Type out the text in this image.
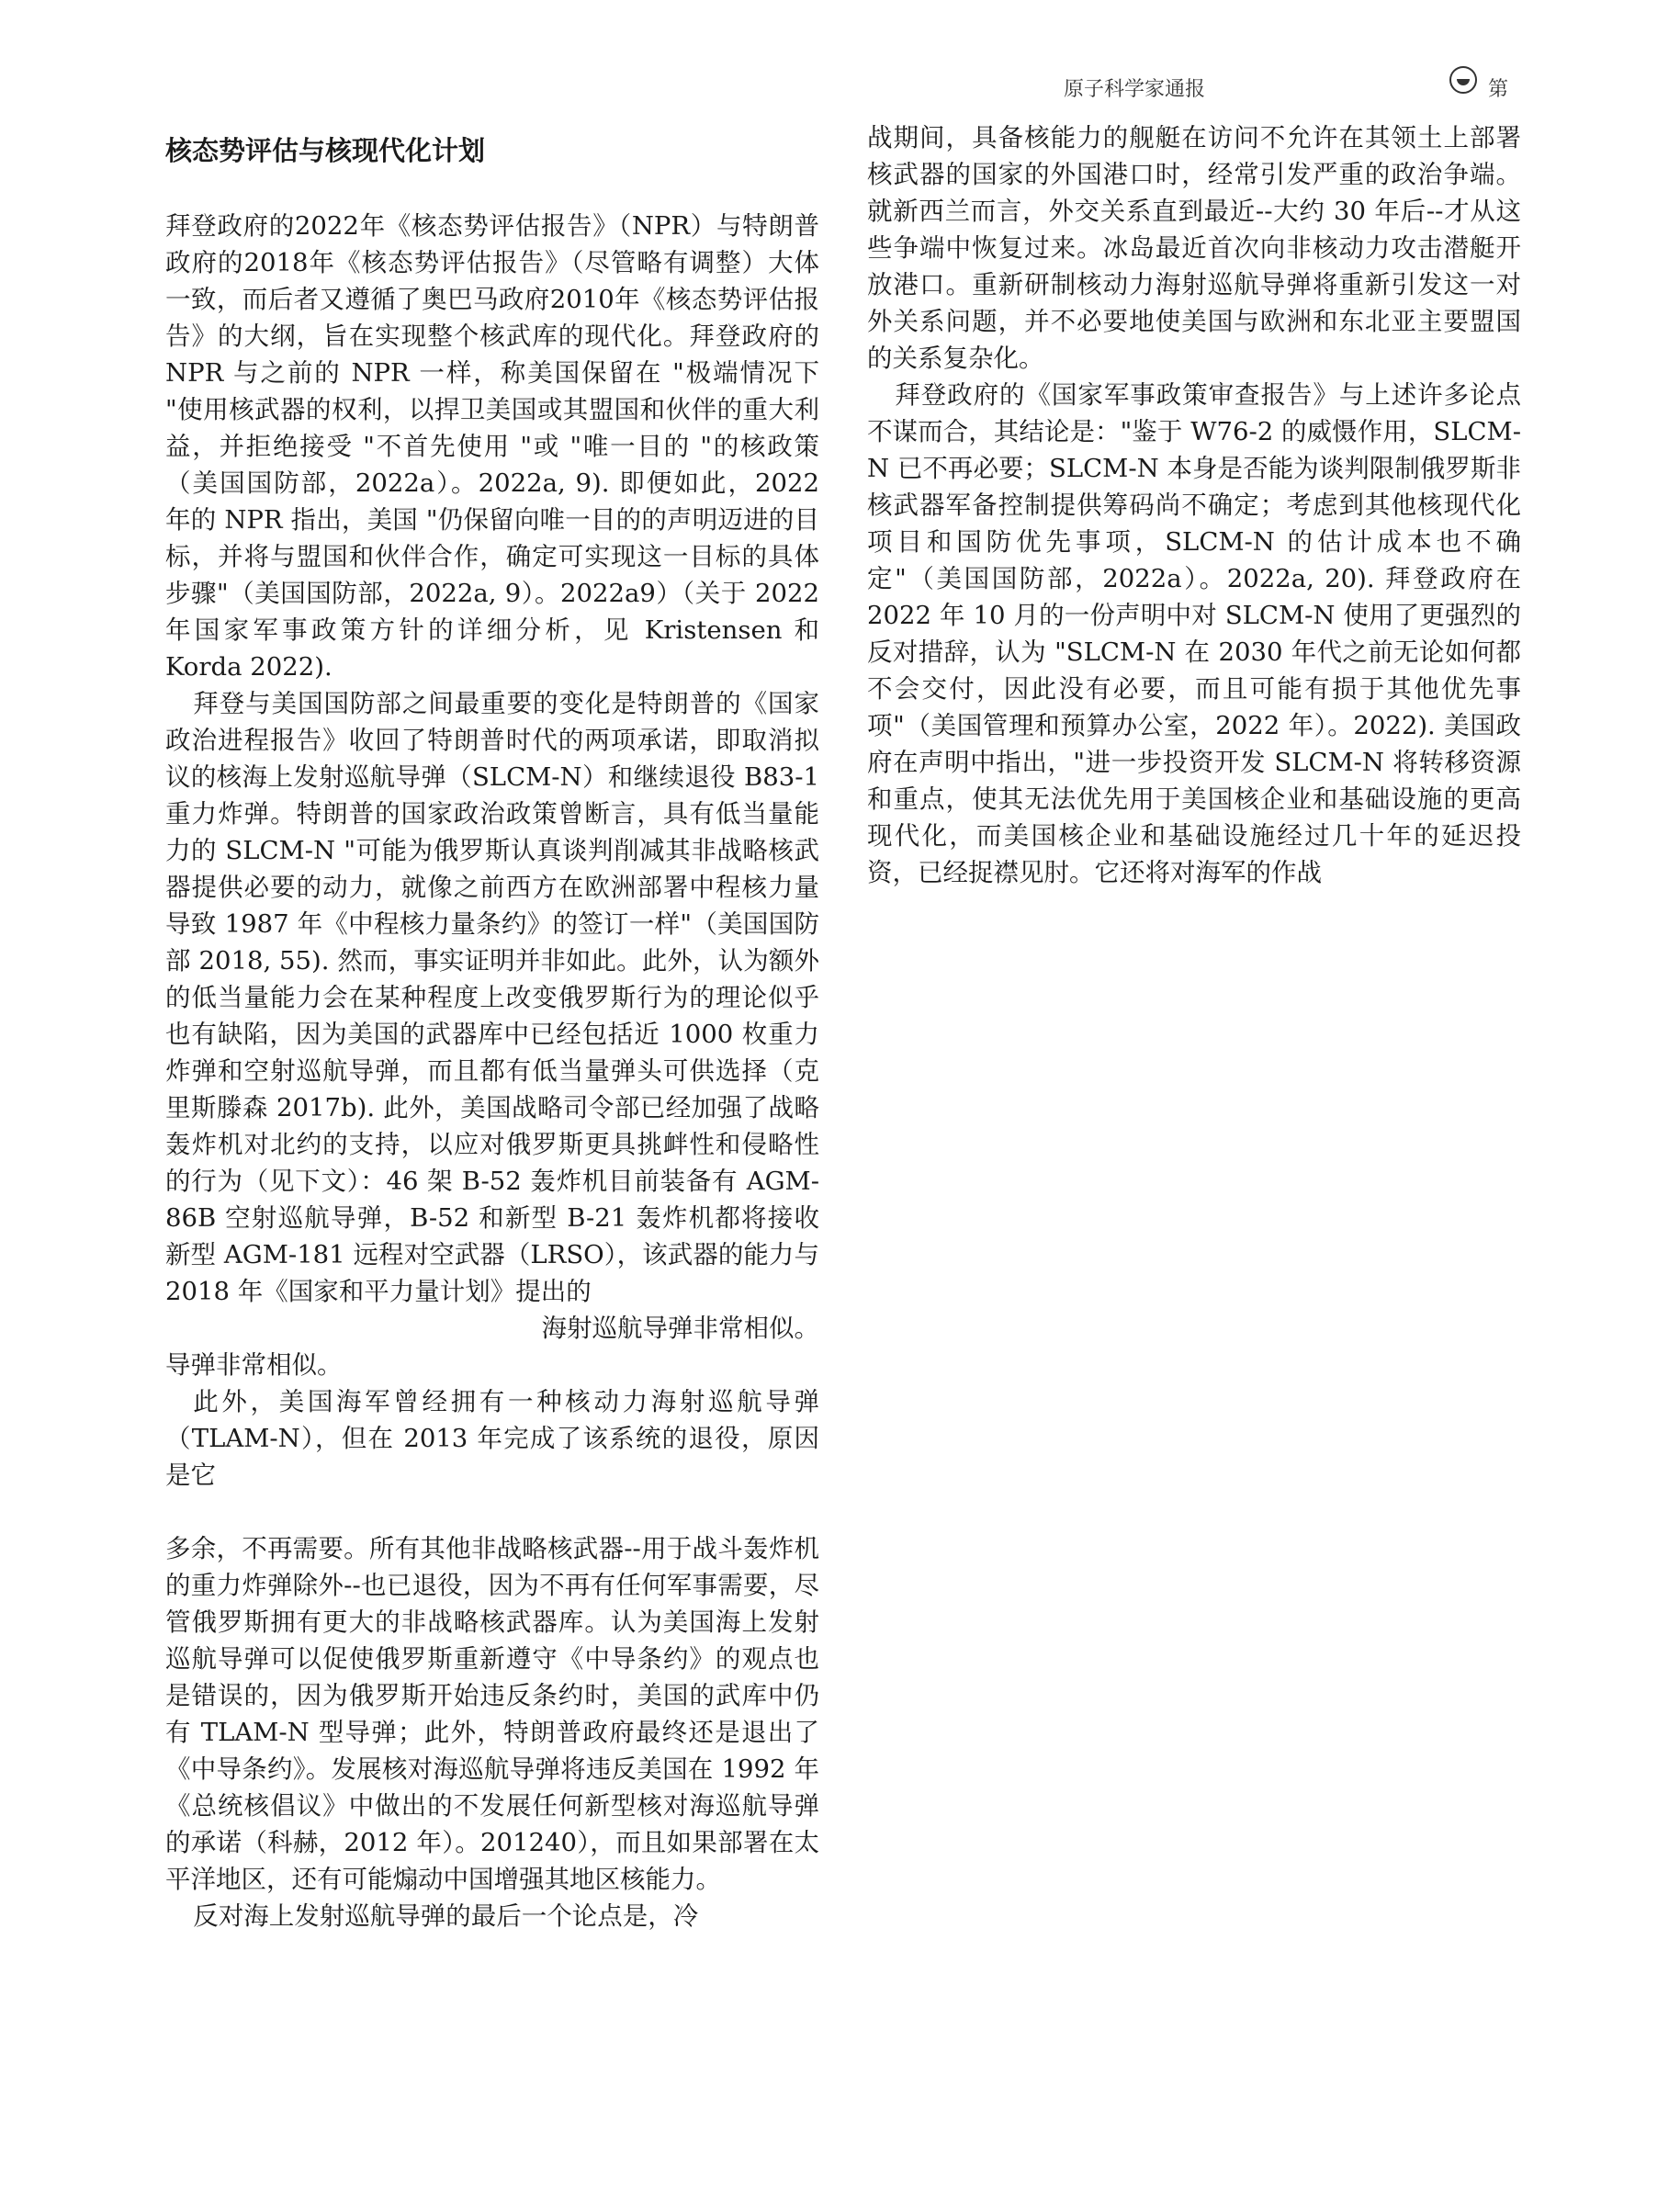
原子科学家通报	第
核态势评估与核现代化计划

拜登政府的2022年《核态势评估报告》（NPR）与特朗普政府的2018年《核态势评估报告》（尽管略有调整）大体一致，而后者又遵循了奥巴马政府2010年《核态势评估报告》的大纲，旨在实现整个核武库的现代化。拜登政府的 NPR 与之前的 NPR 一样，称美国保留在 "极端情况下 "使用核武器的权利，以捍卫美国或其盟国和伙伴的重大利益，并拒绝接受 "不首先使用 "或 "唯一目的 "的核政策（美国国防部，2022a）。2022a, 9). 即便如此，2022 年的 NPR 指出，美国 "仍保留向唯一目的的声明迈进的目标，并将与盟国和伙伴合作，确定可实现这一目标的具体步骤"（美国国防部，2022a, 9）。2022a9）（关于 2022 年国家军事政策方针的详细分析，见 Kristensen 和 Korda 2022).

拜登与美国国防部之间最重要的变化是特朗普的《国家政治进程报告》收回了特朗普时代的两项承诺，即取消拟议的核海上发射巡航导弹（SLCM-N）和继续退役 B83-1 重力炸弹。特朗普的国家政治政策曾断言，具有低当量能力的 SLCM-N "可能为俄罗斯认真谈判削减其非战略核武器提供必要的动力，就像之前西方在欧洲部署中程核力量导致 1987 年《中程核力量条约》的签订一样"（美国国防部 2018, 55). 然而，事实证明并非如此。此外，认为额外的低当量能力会在某种程度上改变俄罗斯行为的理论似乎也有缺陷，因为美国的武器库中已经包括近 1000 枚重力炸弹和空射巡航导弹，而且都有低当量弹头可供选择（克里斯滕森 2017b). 此外，美国战略司令部已经加强了战略轰炸机对北约的支持，以应对俄罗斯更具挑衅性和侵略性的行为（见下文）：46 架 B-52 轰炸机目前装备有 AGM-86B 空射巡航导弹，B-52 和新型 B-21 轰炸机都将接收新型 AGM-181 远程对空武器（LRSO），该武器的能力与 2018 年《国家和平力量计划》提出的

海射巡航导弹非常相似。

导弹非常相似。

此外，美国海军曾经拥有一种核动力海射巡航导弹（TLAM-N），但在 2013 年完成了该系统的退役，原因是它

多余，不再需要。所有其他非战略核武器--用于战斗轰炸机的重力炸弹除外--也已退役，因为不再有任何军事需要，尽管俄罗斯拥有更大的非战略核武器库。认为美国海上发射巡航导弹可以促使俄罗斯重新遵守《中导条约》的观点也是错误的，因为俄罗斯开始违反条约时，美国的武库中仍有 TLAM-N 型导弹；此外，特朗普政府最终还是退出了《中导条约》。发展核对海巡航导弹将违反美国在 1992 年《总统核倡议》中做出的不发展任何新型核对海巡航导弹的承诺（科赫，2012 年）。201240），而且如果部署在太平洋地区，还有可能煽动中国增强其地区核能力。

反对海上发射巡航导弹的最后一个论点是，冷

战期间，具备核能力的舰艇在访问不允许在其领土上部署核武器的国家的外国港口时，经常引发严重的政治争端。就新西兰而言，外交关系直到最近--大约 30 年后--才从这些争端中恢复过来。冰岛最近首次向非核动力攻击潜艇开放港口。重新研制核动力海射巡航导弹将重新引发这一对外关系问题，并不必要地使美国与欧洲和东北亚主要盟国的关系复杂化。

拜登政府的《国家军事政策审查报告》与上述许多论点不谋而合，其结论是："鉴于 W76-2 的威慑作用，SLCM-N 已不再必要；SLCM-N 本身是否能为谈判限制俄罗斯非核武器军备控制提供筹码尚不确定；考虑到其他核现代化项目和国防优先事项，SLCM-N 的估计成本也不确定"（美国国防部，2022a）。2022a, 20). 拜登政府在 2022 年 10 月的一份声明中对 SLCM-N 使用了更强烈的反对措辞，认为 "SLCM-N 在 2030 年代之前无论如何都不会交付，因此没有必要，而且可能有损于其他优先事项"（美国管理和预算办公室，2022 年）。2022). 美国政府在声明中指出，"进一步投资开发 SLCM-N 将转移资源和重点，使其无法优先用于美国核企业和基础设施的更高现代化，而美国核企业和基础设施经过几十年的延迟投资，已经捉襟见肘。它还将对海军的作战
